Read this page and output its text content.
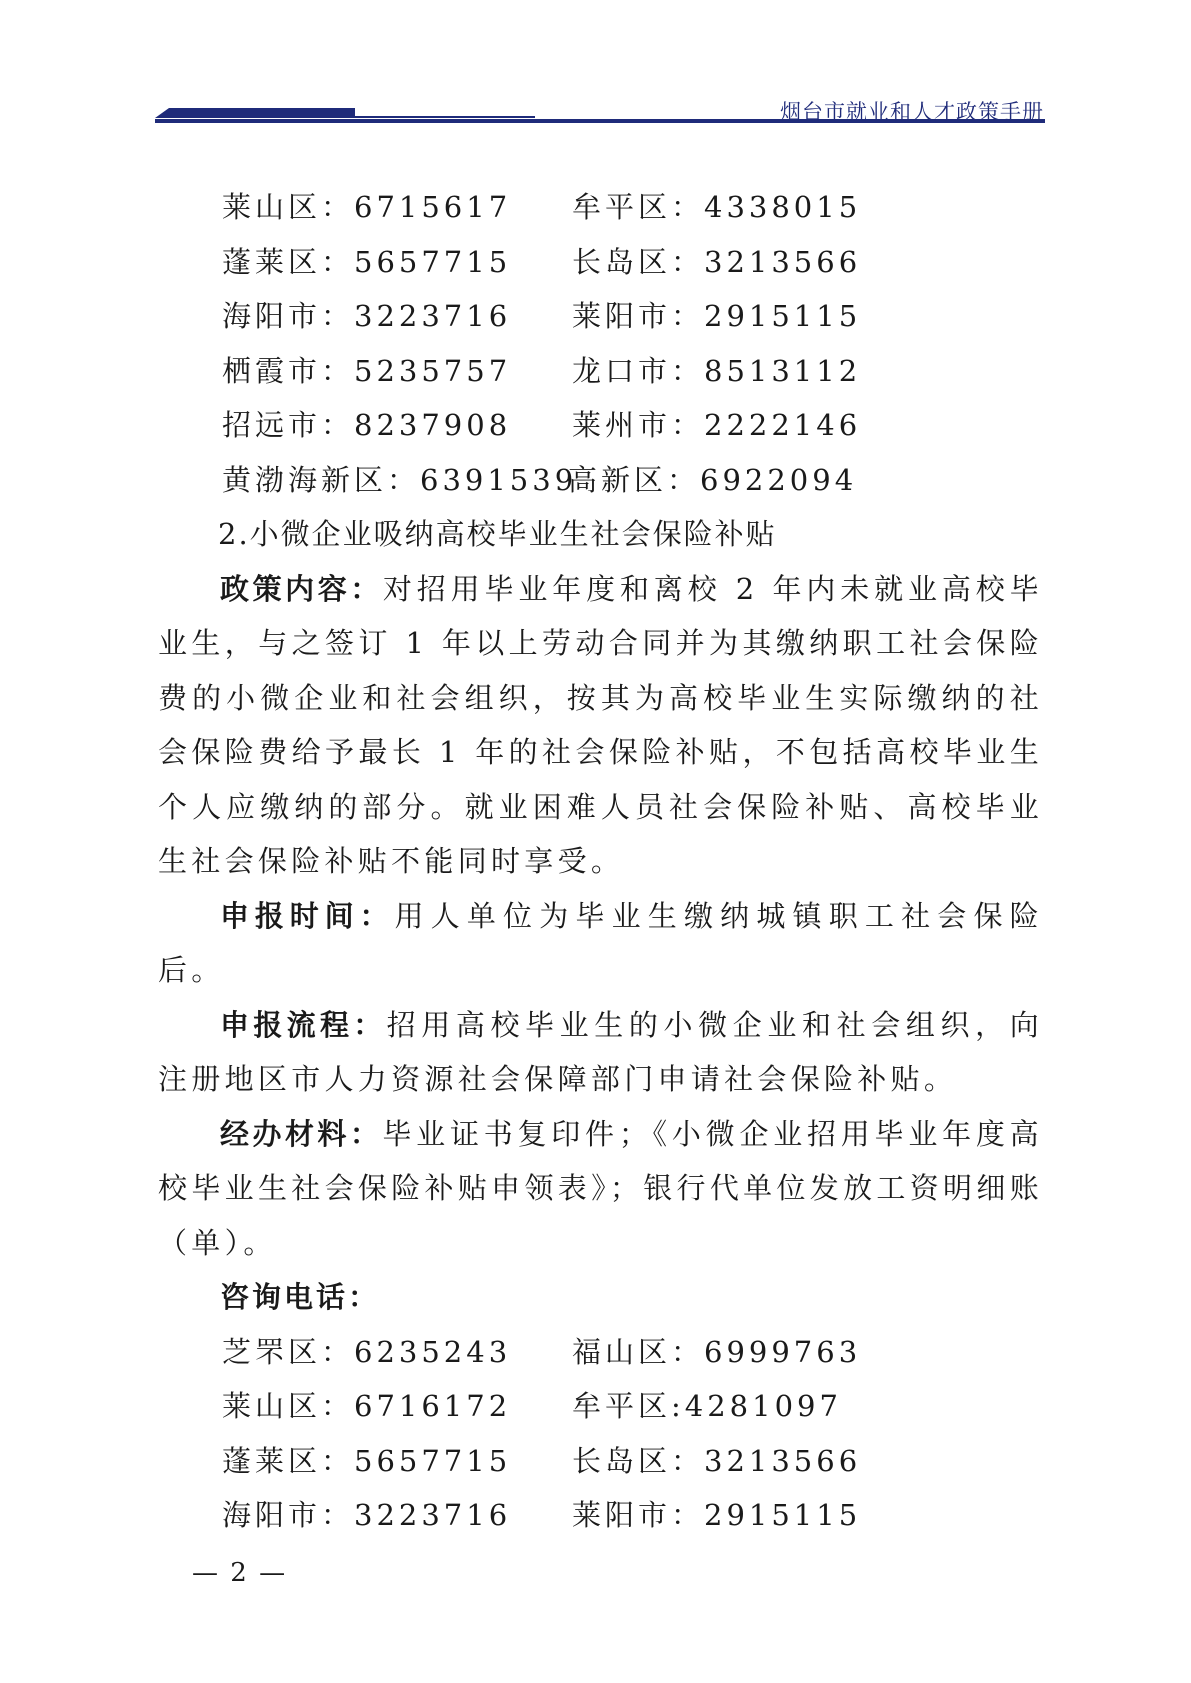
烟台市就业和人才政策手册
莱山区：6715617 牟平区：4338015
蓬莱区：5657715 长岛区：3213566
海阳市：3223716 莱阳市：2915115
栖霞市：5235757 龙口市：8513112
招远市：8237908 莱州市：2222146
黄渤海新区：6391539
高新区：6922094
2.小微企业吸纳高校毕业生社会保险补贴

政策内容：对招用毕业年度和离校 2 年内未就业高校毕业生，与之签订 1 年以上劳动合同并为其缴纳职工社会保险费的小微企业和社会组织，按其为高校毕业生实际缴纳的社会保险费给予最长 1 年的社会保险补贴，不包括高校毕业生个人应缴纳的部分。就业困难人员社会保险补贴、高校毕业生社会保险补贴不能同时享受。

申报时间：用人单位为毕业生缴纳城镇职工社会保险后。

申报流程：招用高校毕业生的小微企业和社会组织，向注册地区市人力资源社会保障部门申请社会保险补贴。

经办材料：毕业证书复印件；《小微企业招用毕业年度高校毕业生社会保险补贴申领表》；银行代单位发放工资明细账（单）。

咨询电话：

芝罘区：6235243 福山区：6999763
莱山区：6716172 牟平区:4281097
蓬莱区：5657715 长岛区：3213566
海阳市：3223716 莱阳市：2915115
— 2 —
